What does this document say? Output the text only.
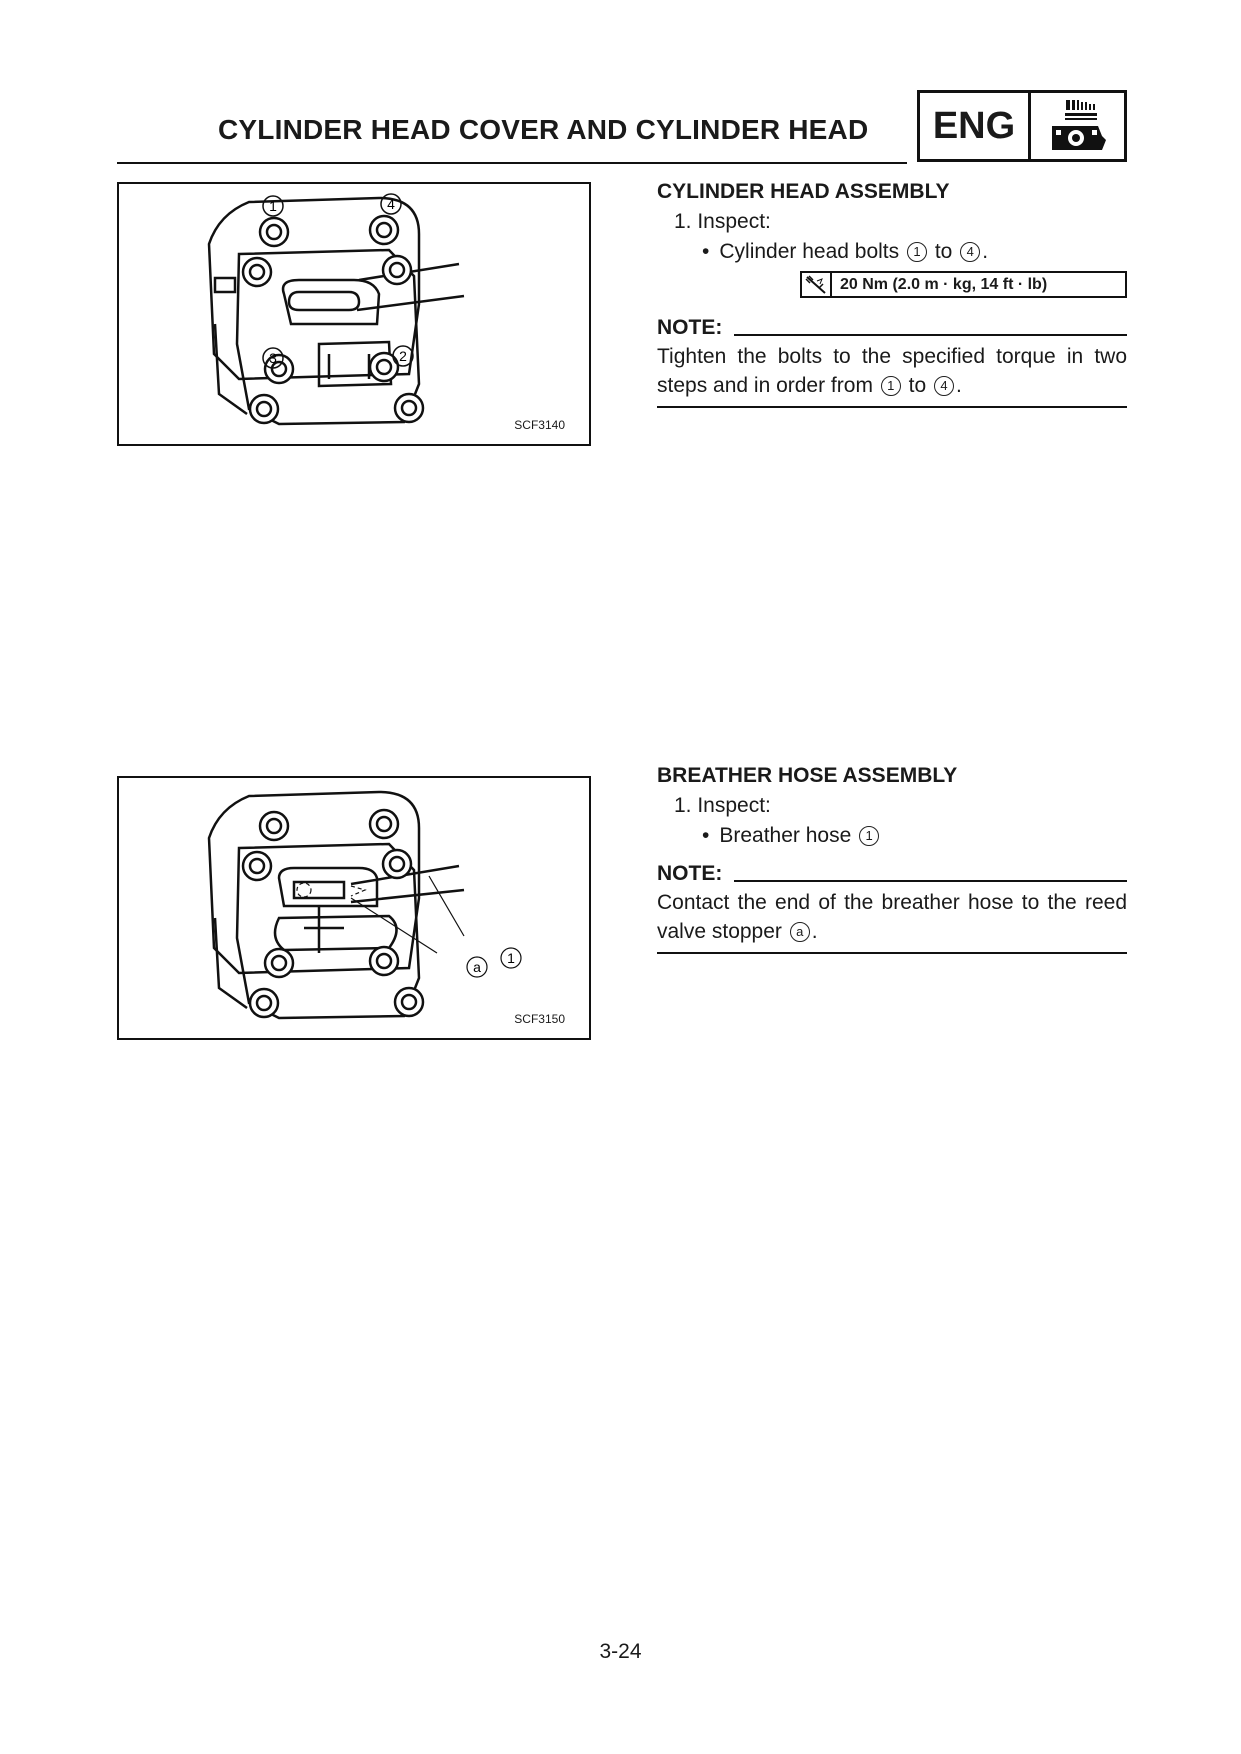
CYLINDER HEAD COVER AND CYLINDER HEAD	ENG
1	4
3	2
SCF3140
CYLINDER HEAD ASSEMBLY
1. Inspect:
• Cylinder head bolts 1 to 4 .
NOTE:
Tighten the bolts to the specified torque in two steps and in order from 1 to 4 .
20 Nm (2.0 m · kg, 14 ft · lb)
a
1
SCF3150
BREATHER HOSE ASSEMBLY
1. Inspect:
• Breather hose 1
NOTE:
Contact the end of the breather hose to the reed valve stopper a .
3-24
